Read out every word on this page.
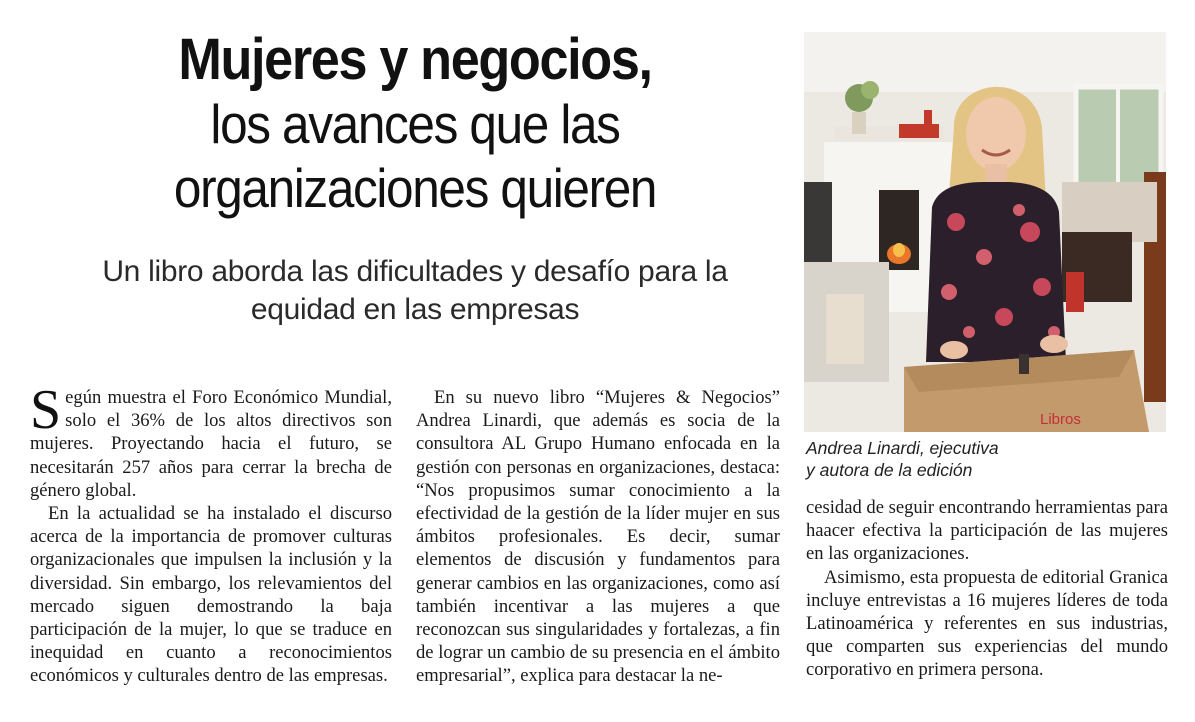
Mujeres y negocios,
los avances que las
organizaciones quieren
Un libro aborda las dificultades y desafío para la
equidad en las empresas
Libros
Andrea Linardi, ejecutiva
y autora de la edición

Según muestra el Foro Económico Mundial, solo el 36% de los altos directivos son mujeres. Proyectando hacia el futuro, se necesitarán 257 años para cerrar la brecha de género global.

En la actualidad se ha instalado el discurso acerca de la importancia de promover culturas organizacionales que impulsen la inclusión y la diversidad. Sin embargo, los relevamientos del mercado siguen demostrando la baja participación de la mujer, lo que se traduce en inequidad en cuanto a reconocimientos económicos y culturales dentro de las empresas.

En su nuevo libro “Mujeres & Negocios” Andrea Linardi, que además es socia de la consultora AL Grupo Humano enfocada en la gestión con personas en organizaciones, destaca: “Nos propusimos sumar conocimiento a la efectividad de la gestión de la líder mujer en sus ámbitos profesionales. Es decir, sumar elementos de discusión y fundamentos para generar cambios en las organizaciones, como así también incentivar a las mujeres a que reconozcan sus singularidades y fortalezas, a fin de lograr un cambio de su presencia en el ámbito empresarial”, explica para destacar la ne-

cesidad de seguir encontrando herramientas para haacer efectiva la participación de las mujeres en las organizaciones.

Asimismo, esta propuesta de editorial Granica incluye entrevistas a 16 mujeres líderes de toda Latinoamérica y referentes en sus industrias, que comparten sus experiencias del mundo corporativo en primera persona.
